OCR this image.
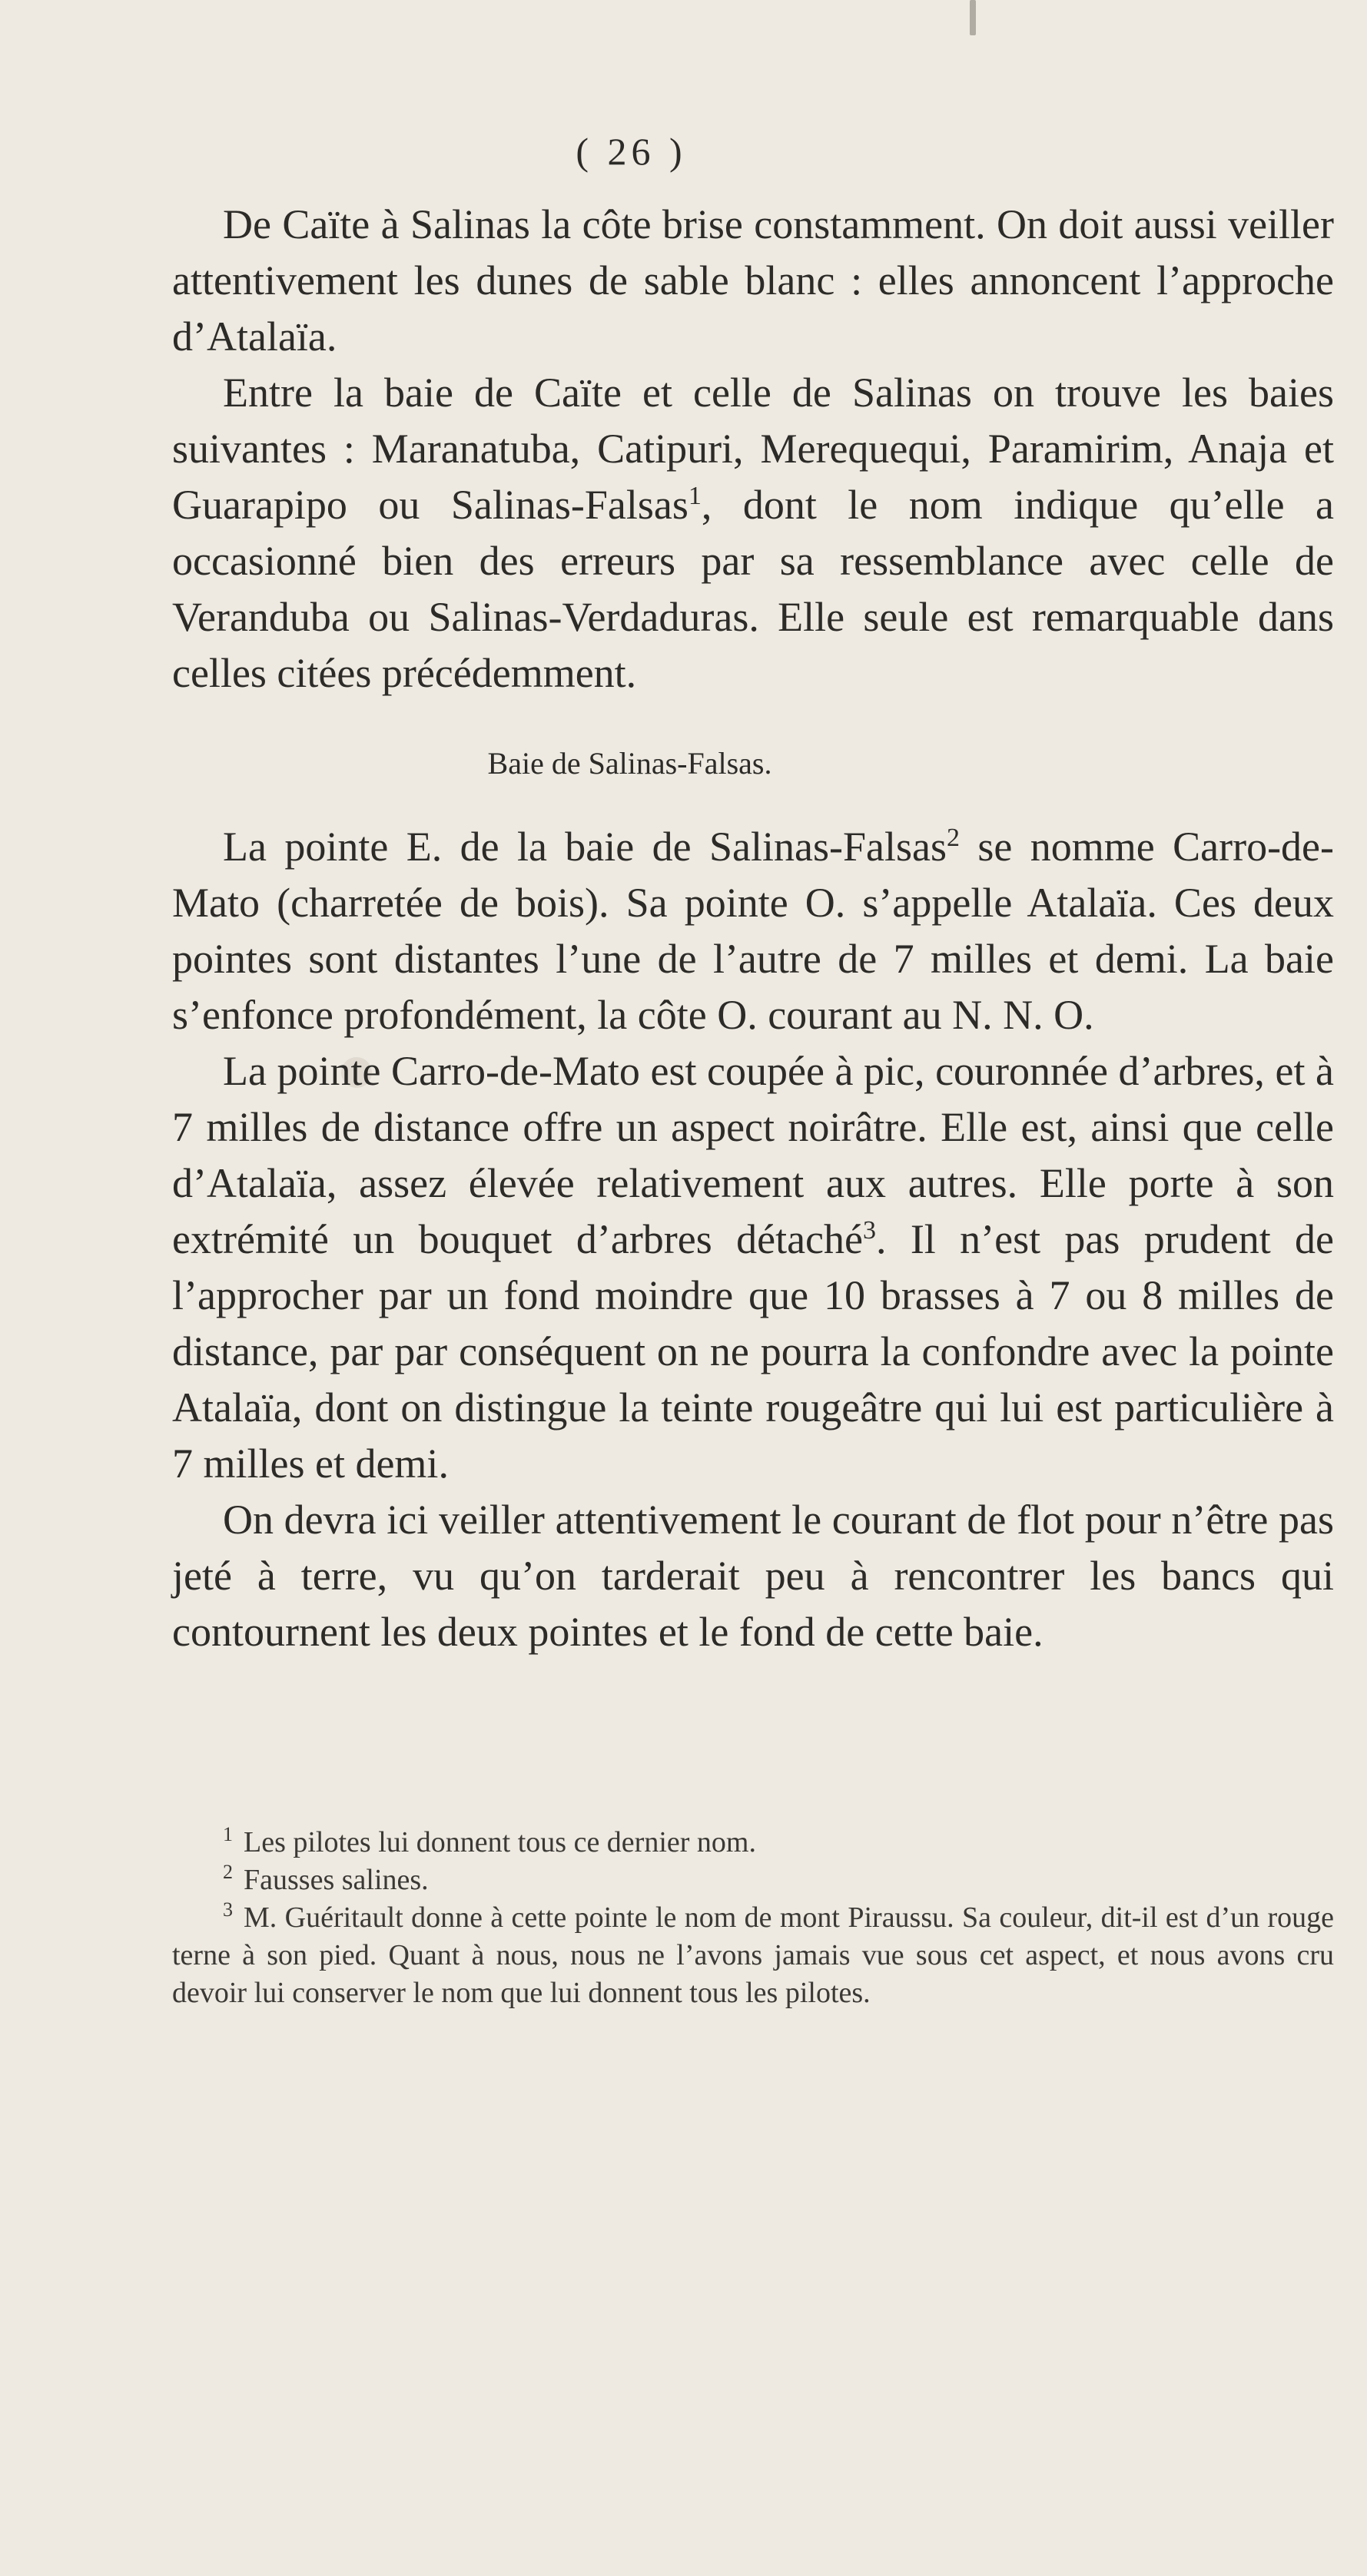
( 26 )

De Caïte à Salinas la côte brise constamment. On doit aussi veiller attentivement les dunes de sable blanc : elles annoncent l’approche d’Atalaïa.

Entre la baie de Caïte et celle de Salinas on trouve les baies suivantes : Maranatuba, Catipuri, Merequequi, Paramirim, Anaja et Guarapipo ou Salinas-Falsas$^1$, dont le nom indique qu’elle a occasionné bien des erreurs par sa ressemblance avec celle de Veranduba ou Salinas-Verdaduras. Elle seule est remarquable dans celles citées précédemment.

Baie de Salinas-Falsas.

La pointe E. de la baie de Salinas-Falsas$^2$ se nomme Carro-de-Mato (charretée de bois). Sa pointe O. s’appelle Atalaïa. Ces deux pointes sont distantes l’une de l’autre de 7 milles et demi. La baie s’enfonce profondément, la côte O. courant au N. N. O.

La pointe Carro-de-Mato est coupée à pic, couronnée d’arbres, et à 7 milles de distance offre un aspect noirâtre. Elle est, ainsi que celle d’Atalaïa, assez élevée relativement aux autres. Elle porte à son extrémité un bouquet d’arbres détaché$^3$. Il n’est pas prudent de l’approcher par un fond moindre que 10 brasses à 7 ou 8 milles de distance, par par conséquent on ne pourra la confondre avec la pointe Atalaïa, dont on distingue la teinte rougeâtre qui lui est particulière à 7 milles et demi.

On devra ici veiller attentivement le courant de flot pour n’être pas jeté à terre, vu qu’on tarderait peu à rencontrer les bancs qui contournent les deux pointes et le fond de cette baie.

$^1$ Les pilotes lui donnent tous ce dernier nom.

$^2$ Fausses salines.

$^3$ M. Guéritault donne à cette pointe le nom de mont Piraussu. Sa couleur, dit-il est d’un rouge terne à son pied. Quant à nous, nous ne l’avons jamais vue sous cet aspect, et nous avons cru devoir lui conserver le nom que lui donnent tous les pilotes.
